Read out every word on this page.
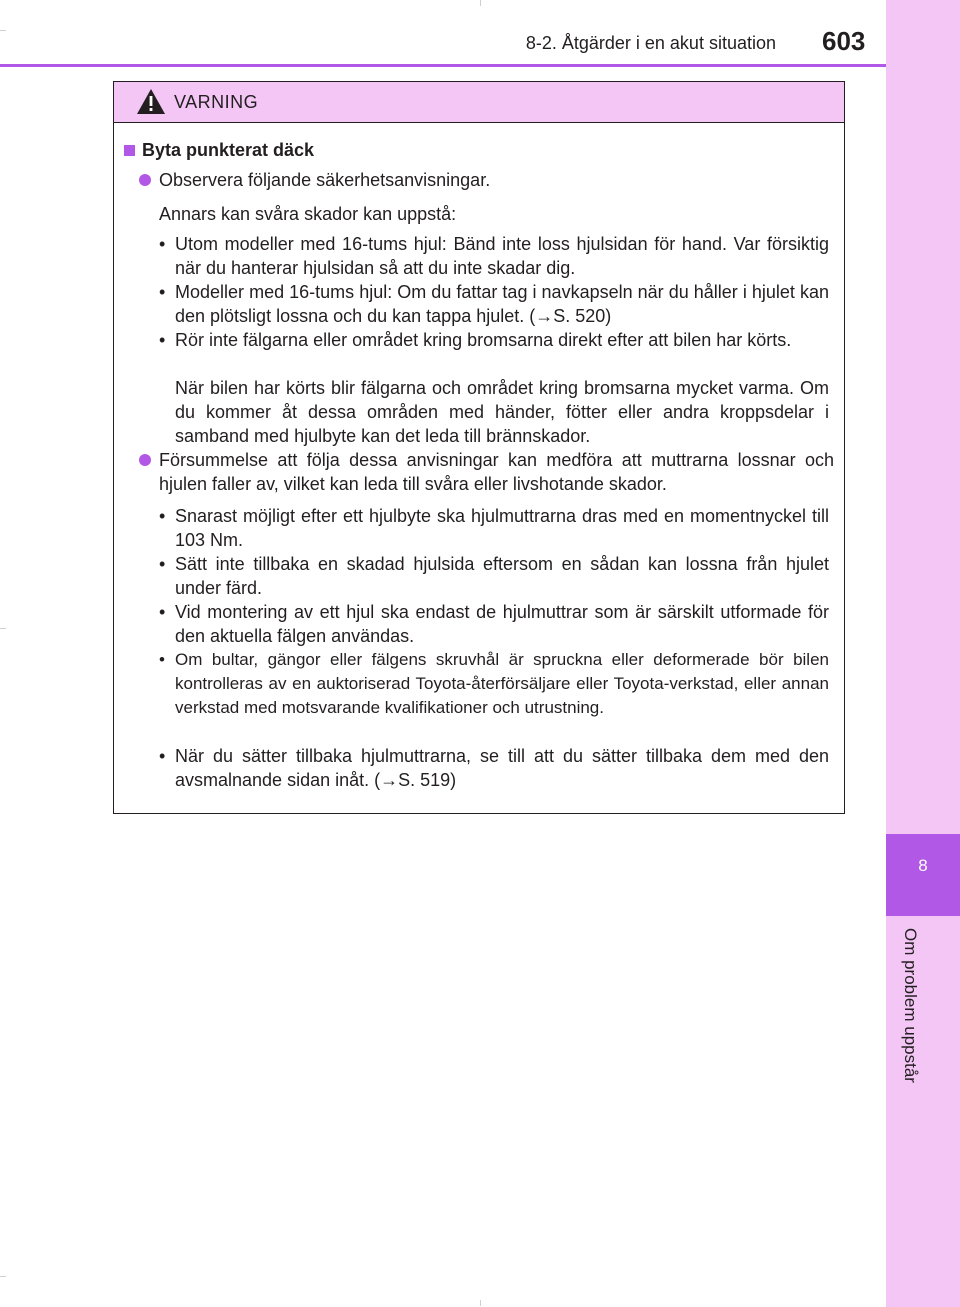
8
Om problem uppstår
8-2. Åtgärder i en akut situation 603
VARNING
Byta punkterat däck
Observera följande säkerhetsanvisningar.
Annars kan svåra skador kan uppstå:
• Utom modeller med 16-tums hjul: Bänd inte loss hjulsidan för hand. Var försiktig när du hanterar hjulsidan så att du inte skadar dig.
• Modeller med 16-tums hjul: Om du fattar tag i navkapseln när du håller i hjulet kan den plötsligt lossna och du kan tappa hjulet. (→S. 520)
• Rör inte fälgarna eller området kring bromsarna direkt efter att bilen har körts.
När bilen har körts blir fälgarna och området kring bromsarna mycket varma. Om du kommer åt dessa områden med händer, fötter eller andra kroppsdelar i samband med hjulbyte kan det leda till brännskador.
Försummelse att följa dessa anvisningar kan medföra att muttrarna lossnar och hjulen faller av, vilket kan leda till svåra eller livshotande skador.
• Snarast möjligt efter ett hjulbyte ska hjulmuttrarna dras med en momentnyckel till 103 Nm.
• Sätt inte tillbaka en skadad hjulsida eftersom en sådan kan lossna från hjulet under färd.
• Vid montering av ett hjul ska endast de hjulmuttrar som är särskilt utformade för den aktuella fälgen användas.
• Om bultar, gängor eller fälgens skruvhål är spruckna eller deformerade bör bilen kontrolleras av en auktoriserad Toyota-återförsäljare eller Toyota-verkstad, eller annan verkstad med motsvarande kvalifikationer och utrustning.
• När du sätter tillbaka hjulmuttrarna, se till att du sätter tillbaka dem med den avsmalnande sidan inåt. (→S. 519)
